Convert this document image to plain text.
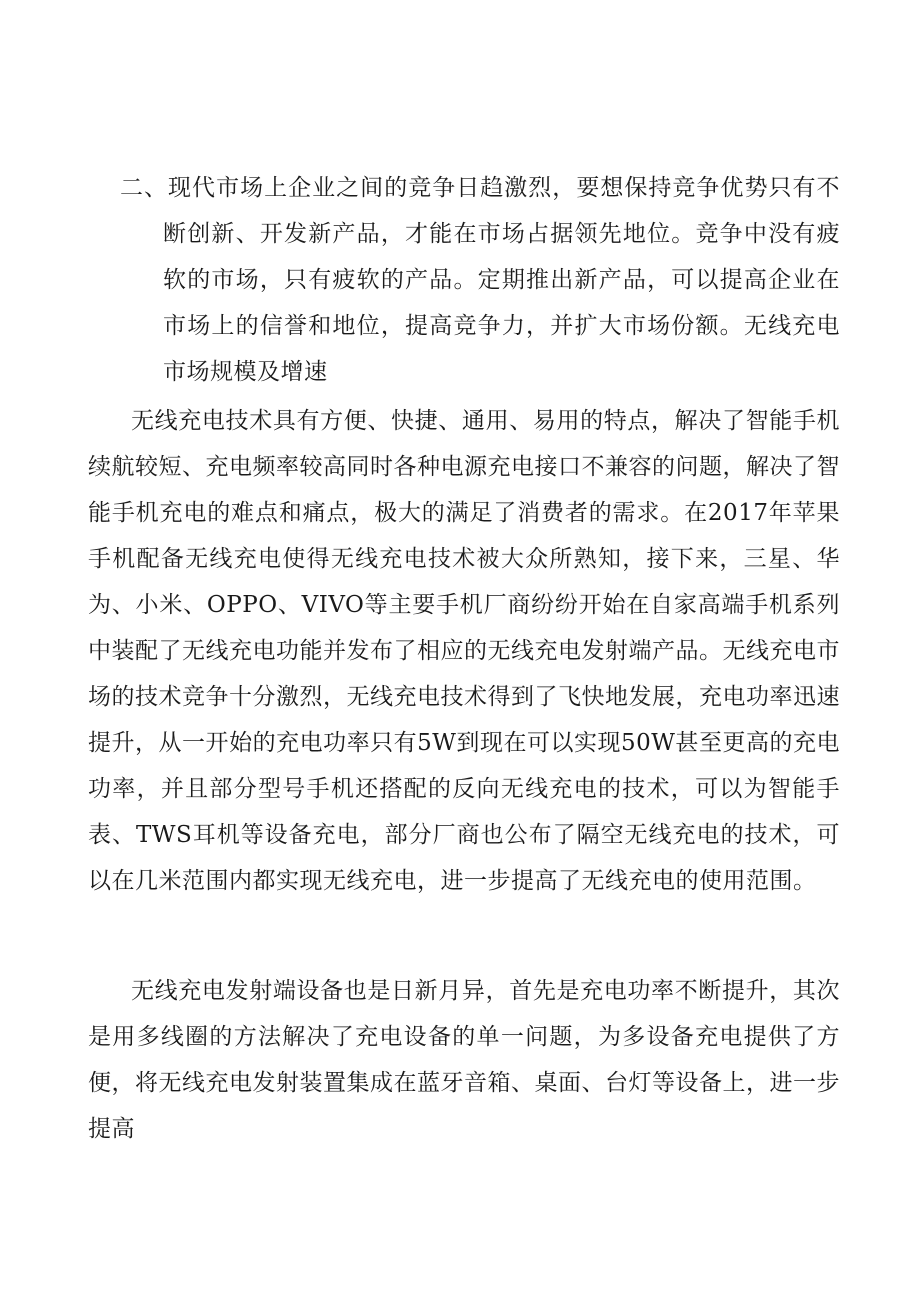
二、现代市场上企业之间的竞争日趋激烈，要想保持竞争优势只有不断创新、开发新产品，才能在市场占据领先地位。竞争中没有疲软的市场，只有疲软的产品。定期推出新产品，可以提高企业在市场上的信誉和地位，提高竞争力，并扩大市场份额。无线充电市场规模及增速

无线充电技术具有方便、快捷、通用、易用的特点，解决了智能手机续航较短、充电频率较高同时各种电源充电接口不兼容的问题，解决了智能手机充电的难点和痛点，极大的满足了消费者的需求。在2017年苹果手机配备无线充电使得无线充电技术被大众所熟知，接下来，三星、华为、小米、OPPO、VIVO等主要手机厂商纷纷开始在自家高端手机系列中装配了无线充电功能并发布了相应的无线充电发射端产品。无线充电市场的技术竞争十分激烈，无线充电技术得到了飞快地发展，充电功率迅速提升，从一开始的充电功率只有5W到现在可以实现50W甚至更高的充电功率，并且部分型号手机还搭配的反向无线充电的技术，可以为智能手表、TWS耳机等设备充电，部分厂商也公布了隔空无线充电的技术，可以在几米范围内都实现无线充电，进一步提高了无线充电的使用范围。

无线充电发射端设备也是日新月异，首先是充电功率不断提升，其次是用多线圈的方法解决了充电设备的单一问题，为多设备充电提供了方便，将无线充电发射装置集成在蓝牙音箱、桌面、台灯等设备上，进一步提高
